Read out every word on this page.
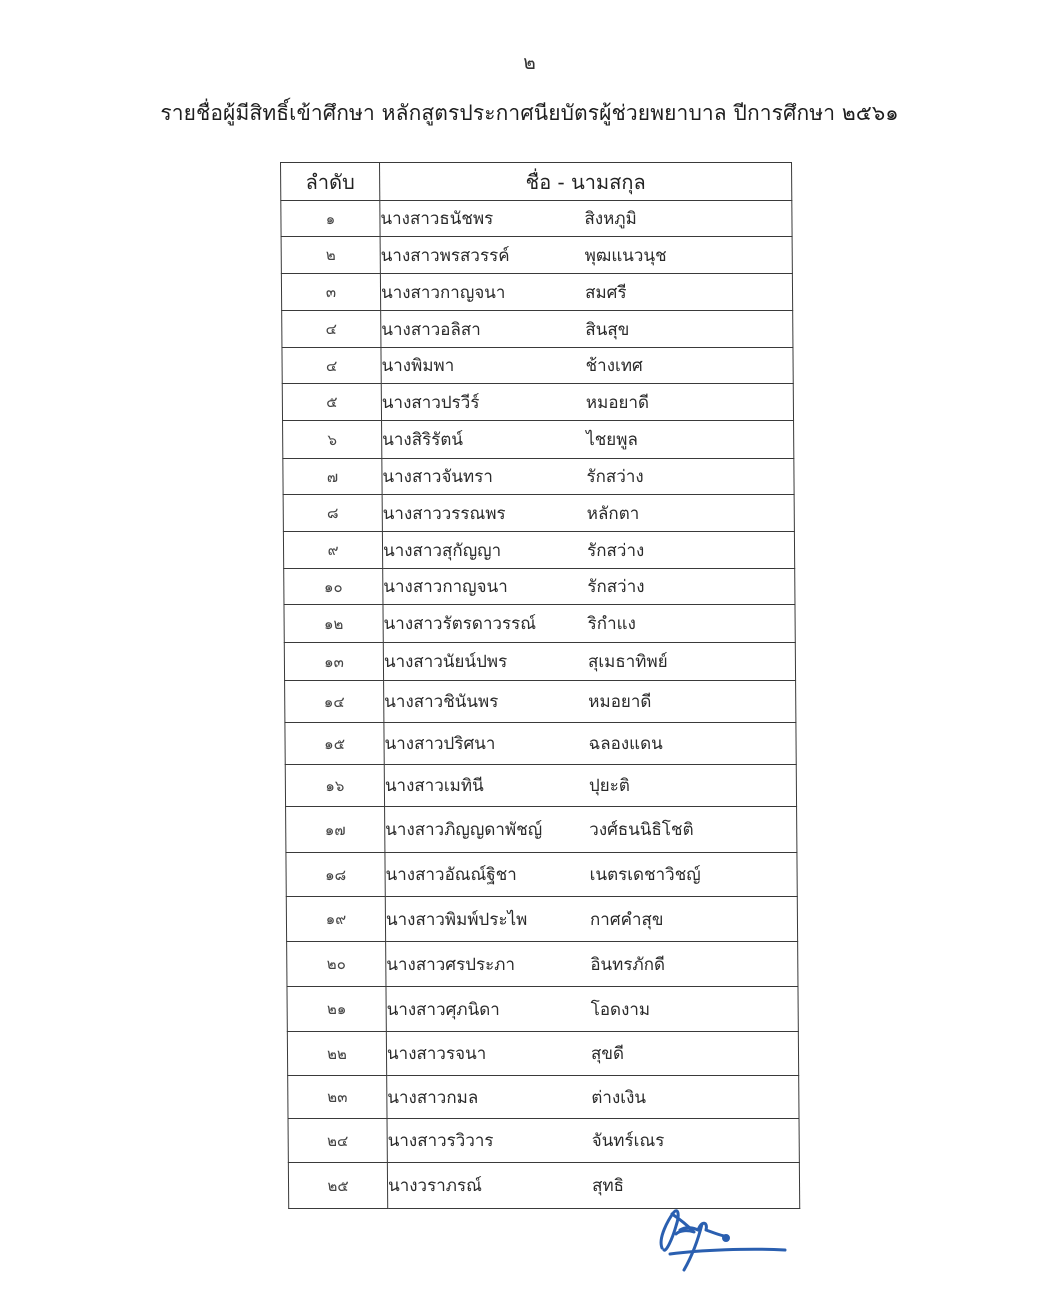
๒
รายชื่อผู้มีสิทธิ์เข้าศึกษา หลักสูตรประกาศนียบัตรผู้ช่วยพยาบาล ปีการศึกษา ๒๕๖๑
ลำดับ	ชื่อ - นามสกุล
๑	นางสาวธนัชพร สิงหภูมิ
๒	นางสาวพรสวรรค์ พุฒแนวนุช
๓	นางสาวกาญจนา สมศรี
๔	นางสาวอลิสา สินสุข
๔	นางพิมพา ช้างเทศ
๕	นางสาวปรวีร์ หมอยาดี
๖	นางสิริรัตน์ ไชยพูล
๗	นางสาวจันทรา รักสว่าง
๘	นางสาววรรณพร หลักตา
๙	นางสาวสุกัญญา รักสว่าง
๑๐	นางสาวกาญจนา รักสว่าง
๑๒	นางสาวรัตรดาวรรณ์ ริกำแง
๑๓	นางสาวนัยน์ปพร สุเมธาทิพย์
๑๔	นางสาวชินันพร หมอยาดี
๑๕	นางสาวปริศนา ฉลองแดน
๑๖	นางสาวเมทินี ปุยะติ
๑๗	นางสาวภิญญดาพัชญ์ วงศ์ธนนิธิโชติ
๑๘	นางสาวอัณณ์ฐิชา เนตรเดชาวิชญ์
๑๙	นางสาวพิมพ์ประไพ กาศคำสุข
๒๐	นางสาวศรประภา อินทรภักดี
๒๑	นางสาวศุภนิดา โอดงาม
๒๒	นางสาวรจนา สุขดี
๒๓	นางสาวกมล ต่างเงิน
๒๔	นางสาวรวิวาร จันทร์เณร
๒๕	นางวราภรณ์ สุทธิ
